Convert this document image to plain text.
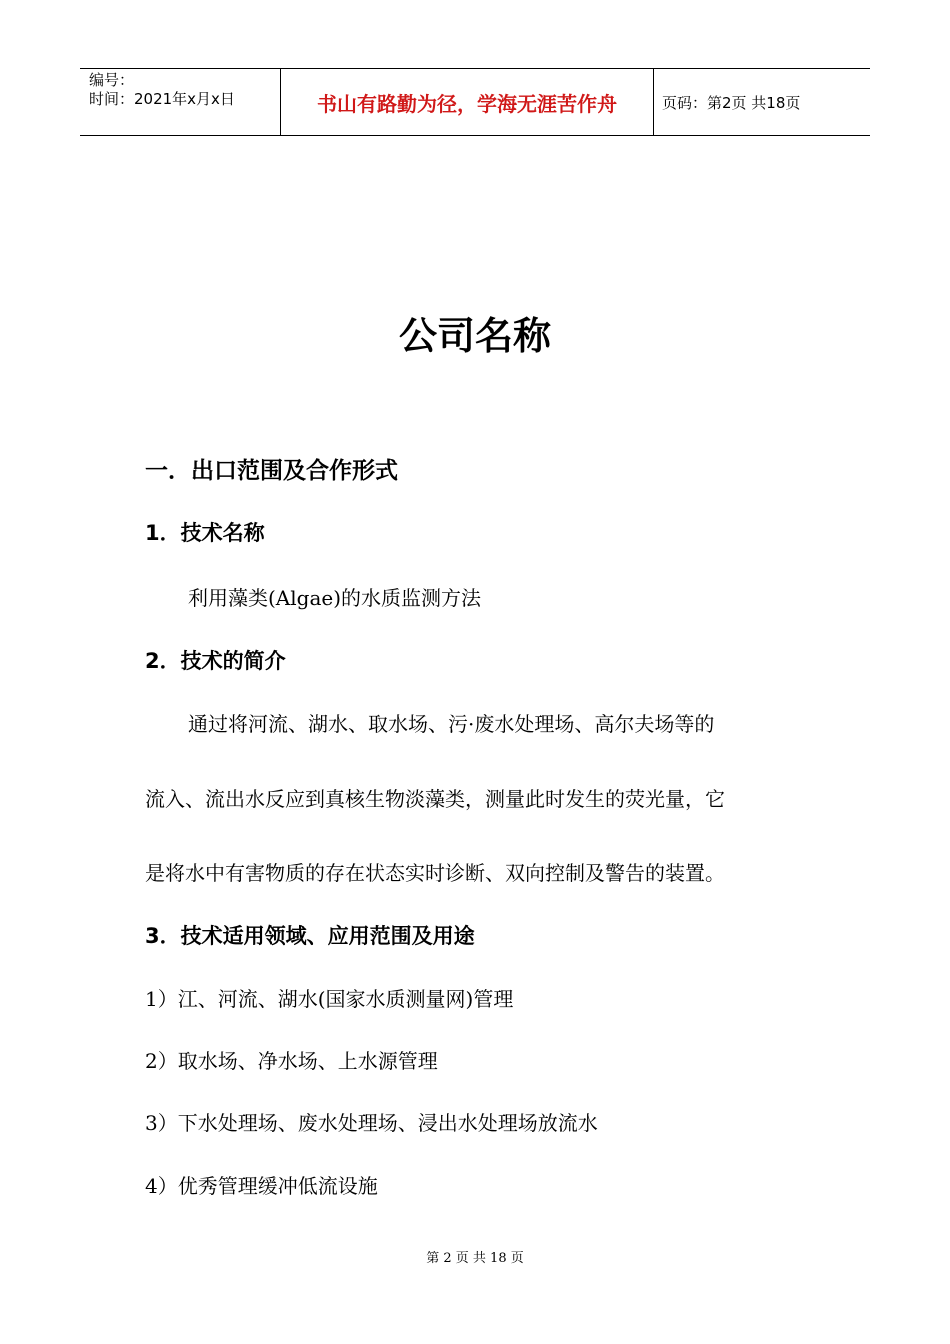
编号：
时间：2021年x月x日	书山有路勤为径，学海无涯苦作舟	页码：第2页 共18页
公司名称

一．出口范围及合作形式

1．技术名称

利用藻类(Algae)的水质监测方法

2．技术的简介

通过将河流、湖水、取水场、污·废水处理场、高尔夫场等的

流入、流出水反应到真核生物淡藻类，测量此时发生的荧光量，它

是将水中有害物质的存在状态实时诊断、双向控制及警告的装置。

3．技术适用领域、应用范围及用途

1）江、河流、湖水(国家水质测量网)管理

2）取水场、净水场、上水源管理

3）下水处理场、废水处理场、浸出水处理场放流水

4）优秀管理缓冲低流设施

第 2 页 共 18 页
